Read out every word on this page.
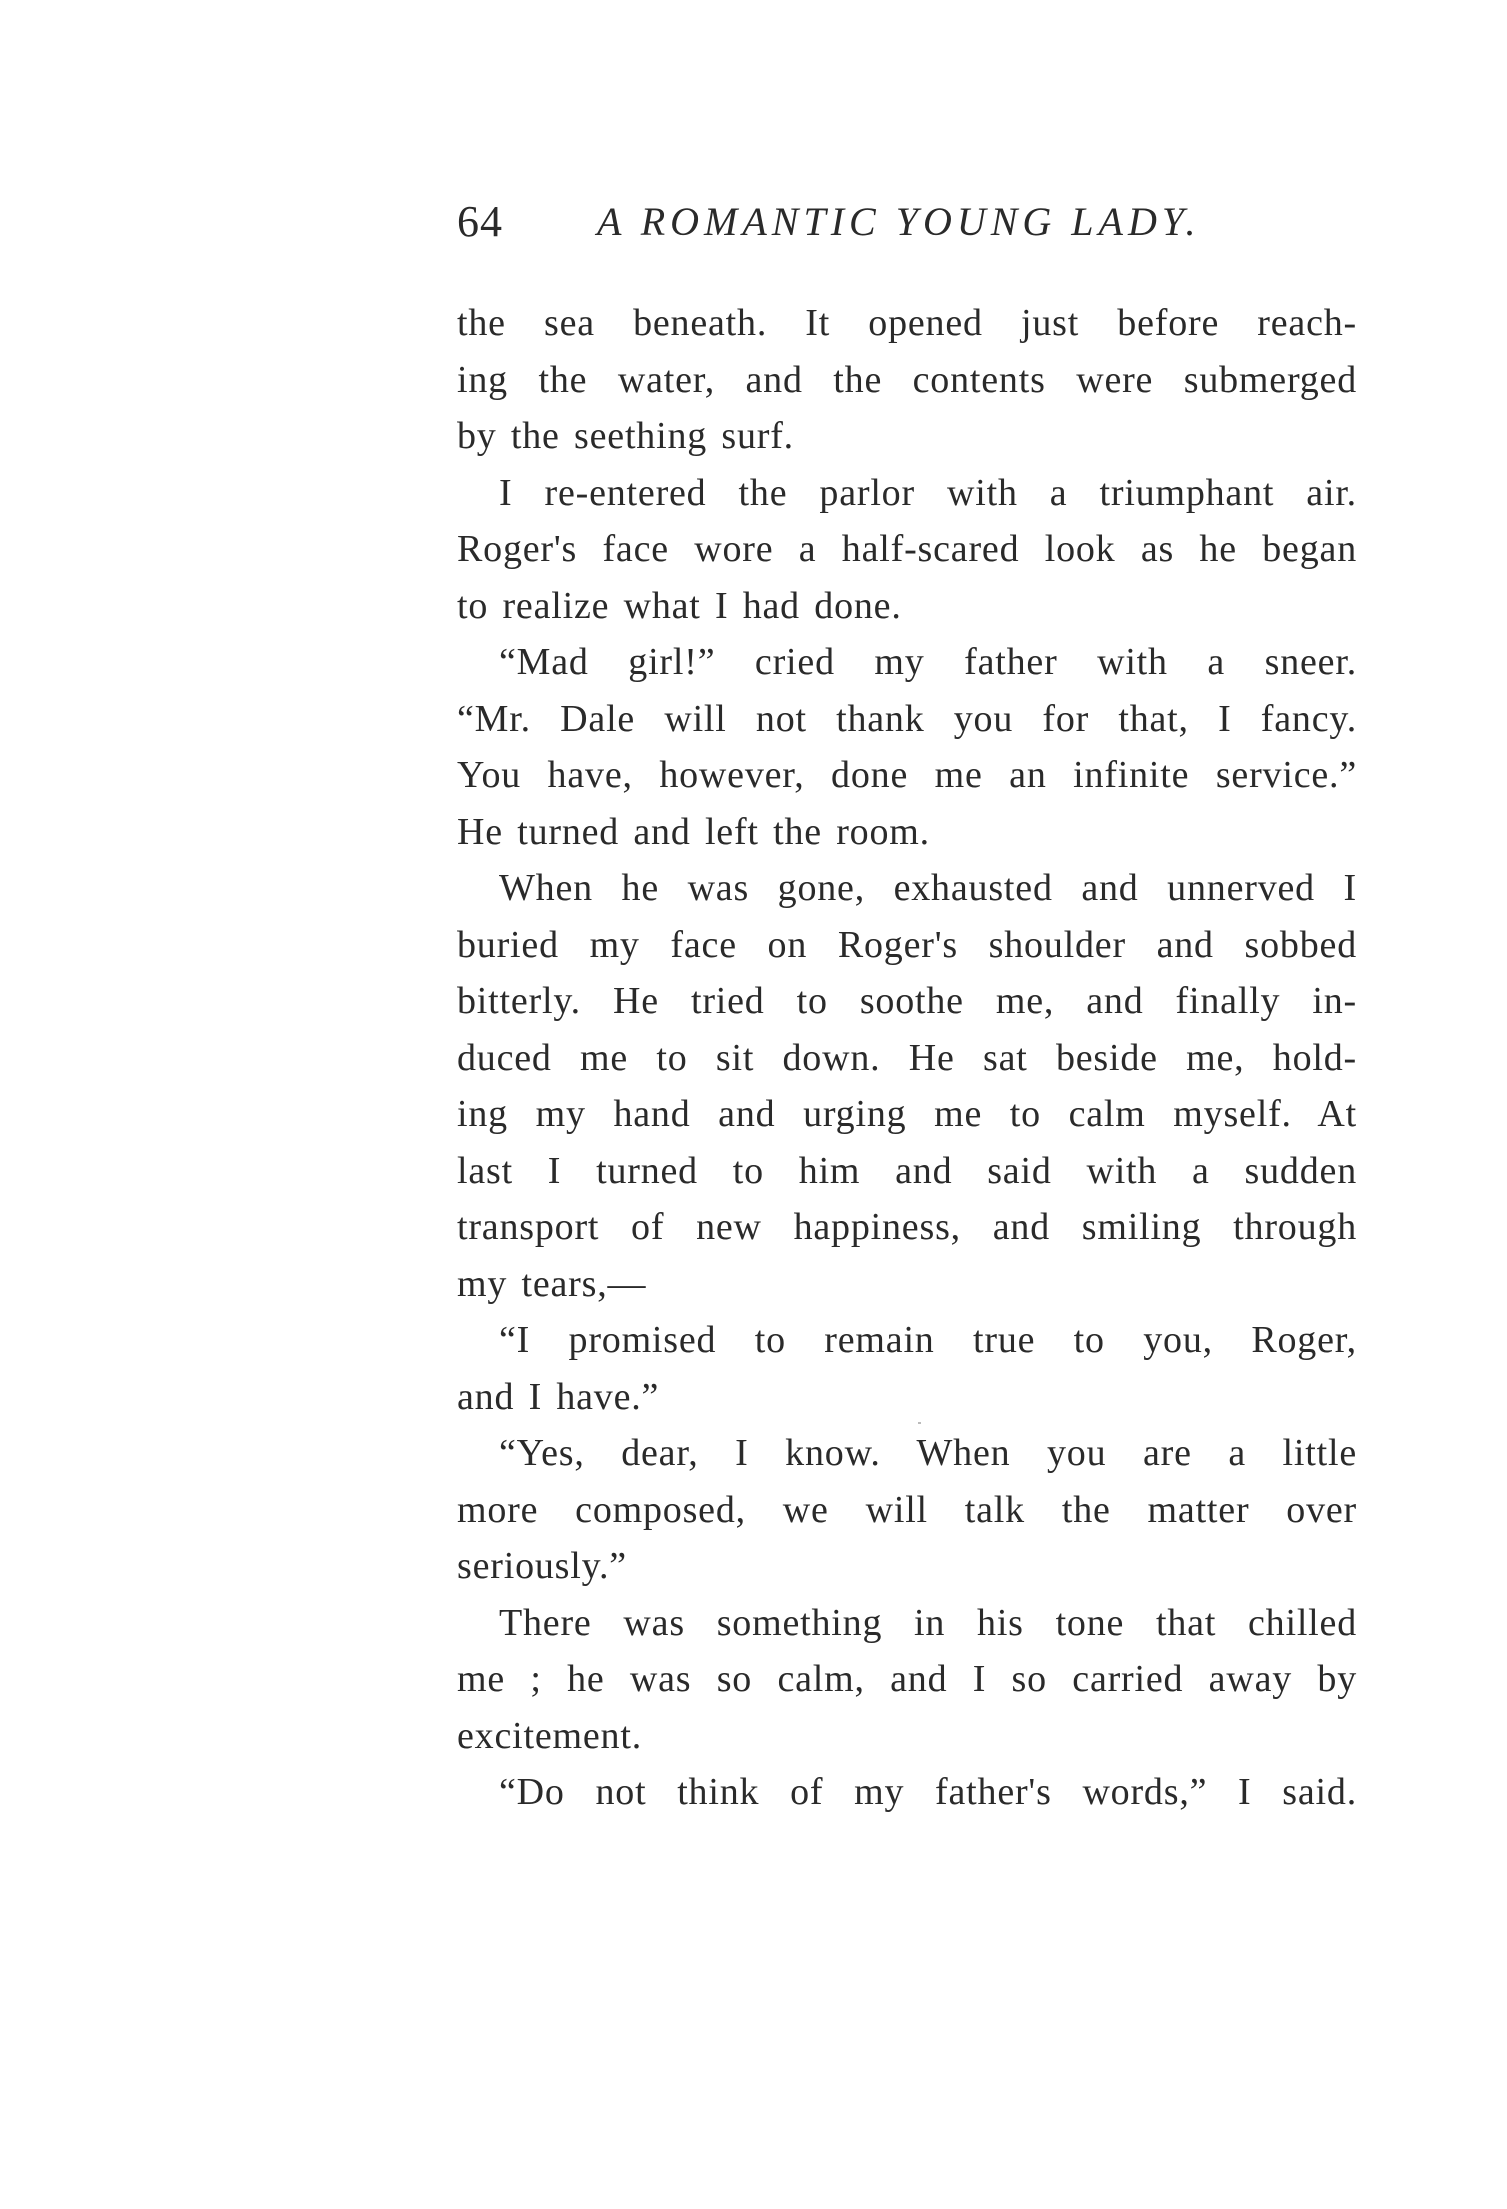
64 A ROMANTIC YOUNG LADY.
the sea beneath. It opened just before reach-
ing the water, and the contents were submerged
by the seething surf.
I re-entered the parlor with a triumphant air.
Roger's face wore a half-scared look as he began
to realize what I had done.
“Mad girl!” cried my father with a sneer.
“Mr. Dale will not thank you for that, I fancy.
You have, however, done me an infinite service.”
He turned and left the room.
When he was gone, exhausted and unnerved I
buried my face on Roger's shoulder and sobbed
bitterly. He tried to soothe me, and finally in-
duced me to sit down. He sat beside me, hold-
ing my hand and urging me to calm myself. At
last I turned to him and said with a sudden
transport of new happiness, and smiling through
my tears,—
“I promised to remain true to you, Roger,
and I have.”
“Yes, dear, I know. When you are a little
more composed, we will talk the matter over
seriously.”
There was something in his tone that chilled
me ; he was so calm, and I so carried away by
excitement.
“Do not think of my father's words,” I said.
